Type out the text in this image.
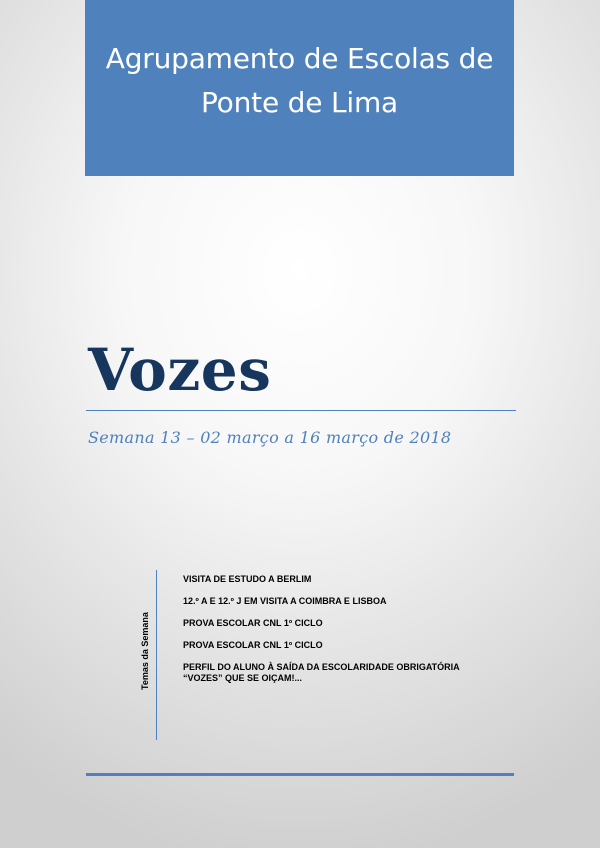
Agrupamento de Escolas de
Ponte de Lima
Vozes
Semana 13 – 02 março a 16 março de 2018
Temas da Semana
VISITA DE ESTUDO A BERLIM
12.º A E 12.º J EM VISITA A COIMBRA E LISBOA
PROVA ESCOLAR CNL 1º CICLO
PROVA ESCOLAR CNL 1º CICLO
PERFIL DO ALUNO À SAÍDA DA ESCOLARIDADE OBRIGATÓRIA
“VOZES” QUE SE OIÇAM!...
